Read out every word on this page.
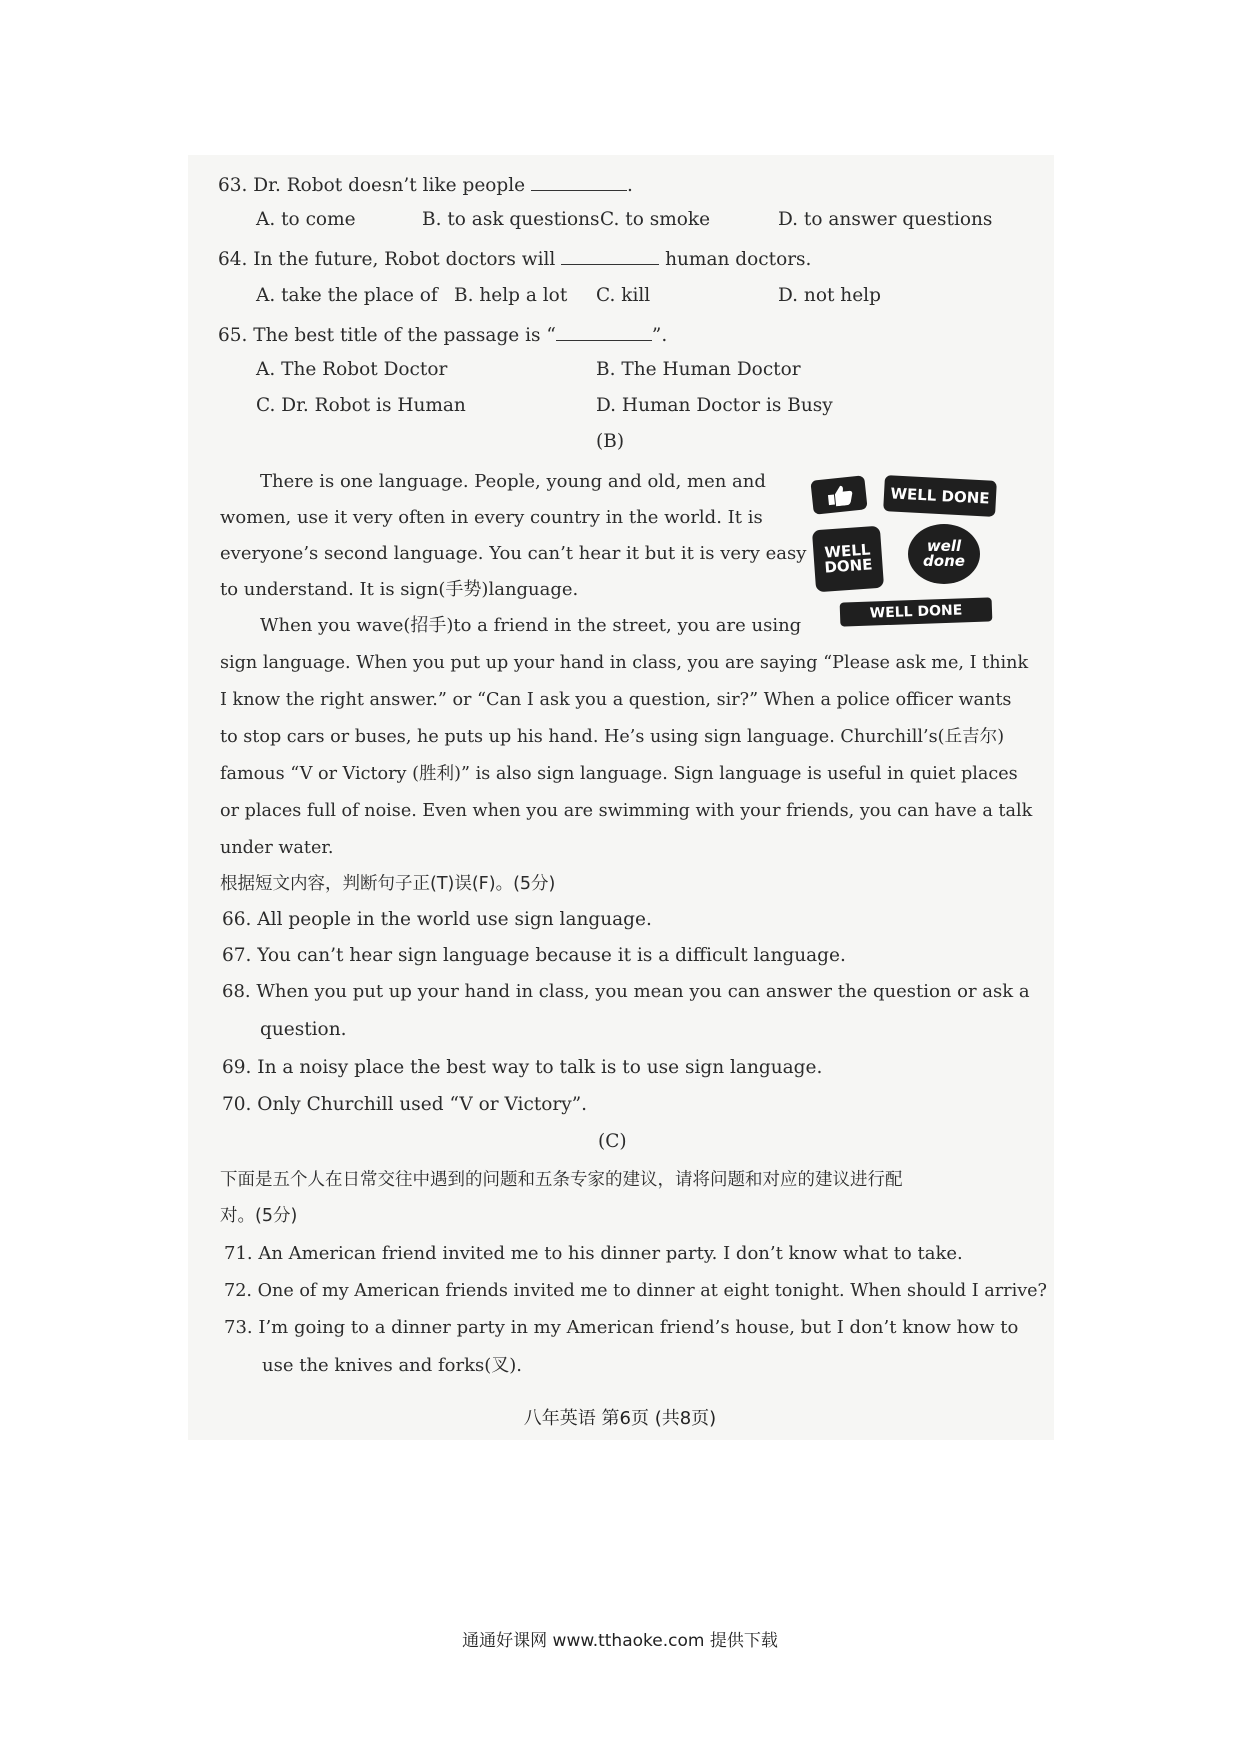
63. Dr. Robot doesn’t like people	.
A. to come	B. to ask questions C. to smoke	D. to answer questions
64. In the future, Robot doctors will	human doctors.
A. take the place of B. help a lot C. kill	D. not help
65. The best title of the passage is “	”.
A. The Robot Doctor	B. The Human Doctor
C. Dr. Robot is Human	D. Human Doctor is Busy
(B)
There is one language. People, young and old, men and
women, use it very often in every country in the world. It is
everyone’s second language. You can’t hear it but it is very easy
to understand. It is sign(手势)language.
When you wave(招手)to a friend in the street, you are using
sign language. When you put up your hand in class, you are saying “Please ask me, I think
I know the right answer.” or “Can I ask you a question, sir?” When a police officer wants
to stop cars or buses, he puts up his hand. He’s using sign language. Churchill’s(丘吉尔)
famous “V or Victory (胜利)” is also sign language. Sign language is useful in quiet places
or places full of noise. Even when you are swimming with your friends, you can have a talk
under water.
WELL DONE
WELL DONE
well done
WELL DONE
根据短文内容，判断句子正(T)误(F)。(5分)
66. All people in the world use sign language.
67. You can’t hear sign language because it is a difficult language.
68. When you put up your hand in class, you mean you can answer the question or ask a
question.
69. In a noisy place the best way to talk is to use sign language.
70. Only Churchill used “V or Victory”.
(C)
下面是五个人在日常交往中遇到的问题和五条专家的建议，请将问题和对应的建议进行配
对。(5分)
71. An American friend invited me to his dinner party. I don’t know what to take.
72. One of my American friends invited me to dinner at eight tonight. When should I arrive?
73. I’m going to a dinner party in my American friend’s house, but I don’t know how to
use the knives and forks(叉).
八年英语 第6页 (共8页)
通通好课网 www.tthaoke.com 提供下载
